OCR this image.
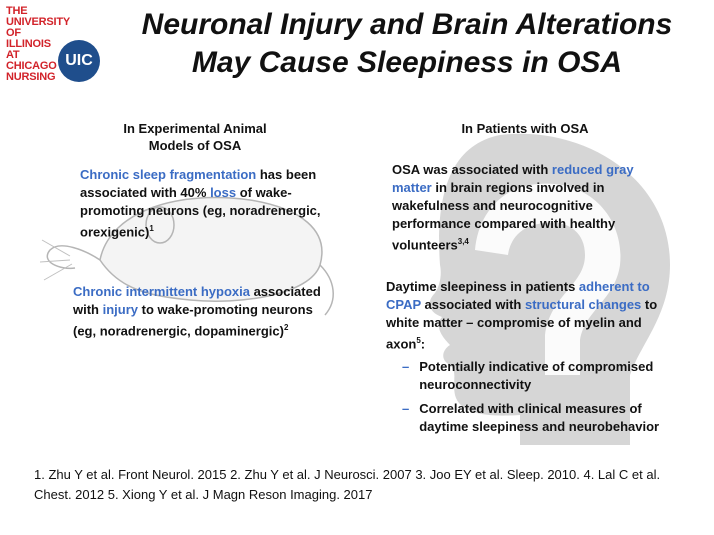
THE
UNIVERSITY OF
ILLINOIS
AT
CHICAGO
NURSING
UIC
Neuronal Injury and Brain Alterations
May Cause Sleepiness in OSA
In Experimental Animal
Models of OSA
Chronic sleep fragmentation has been associated with 40% loss of wake-promoting neurons (eg, noradrenergic, orexigenic)$^1$
Chronic intermittent hypoxia associated with injury to wake-promoting neurons (eg, noradrenergic, dopaminergic)$^2$
In Patients with OSA
OSA was associated with reduced gray matter in brain regions involved in wakefulness and neurocognitive performance compared with healthy volunteers$^{3,4}$
Daytime sleepiness in patients adherent to CPAP associated with structural changes to white matter – compromise of myelin and axon$^5$:
– Potentially indicative of compromised neuroconnectivity
– Correlated with clinical measures of daytime sleepiness and neurobehavior
1. Zhu Y et al. Front Neurol. 2015 2. Zhu Y et al. J Neurosci. 2007 3. Joo EY et al. Sleep. 2010. 4. Lal C et al. Chest. 2012 5. Xiong Y et al. J Magn Reson Imaging. 2017
